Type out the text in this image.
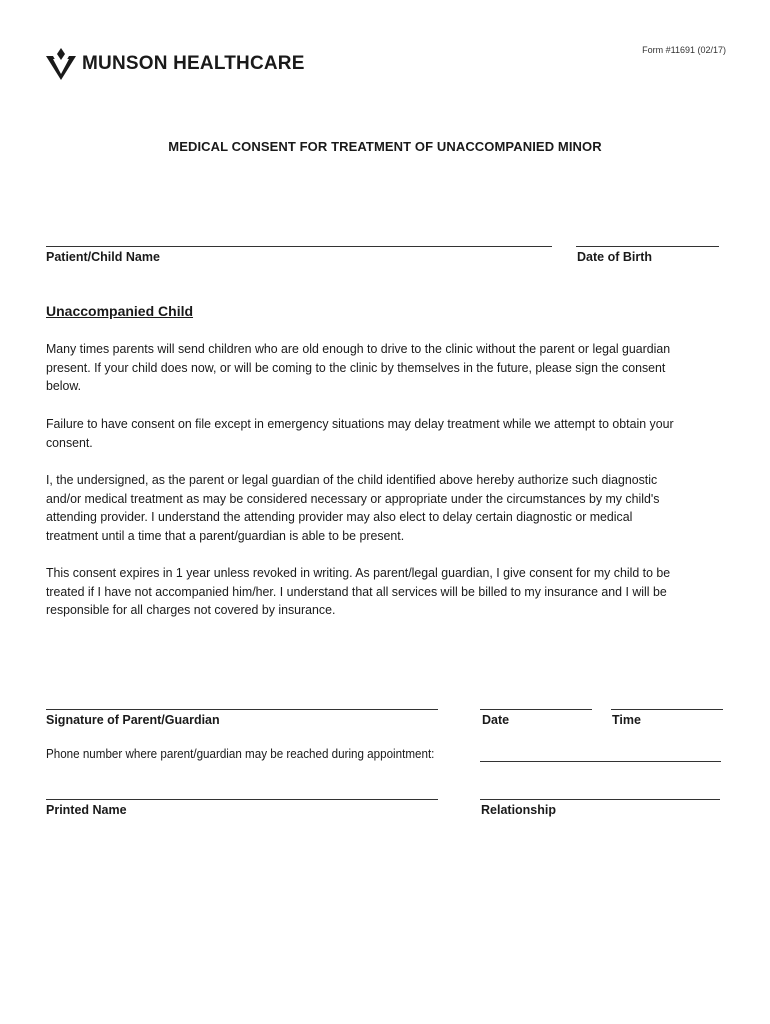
MUNSON HEALTHCARE
Form #11691 (02/17)
MEDICAL CONSENT FOR TREATMENT OF UNACCOMPANIED MINOR
Patient/Child Name	Date of Birth
Unaccompanied Child
Many times parents will send children who are old enough to drive to the clinic without the parent or legal guardian present. If your child does now, or will be coming to the clinic by themselves in the future, please sign the consent below.
Failure to have consent on file except in emergency situations may delay treatment while we attempt to obtain your consent.
I, the undersigned, as the parent or legal guardian of the child identified above hereby authorize such diagnostic and/or medical treatment as may be considered necessary or appropriate under the circumstances by my child's attending provider. I understand the attending provider may also elect to delay certain diagnostic or medical treatment until a time that a parent/guardian is able to be present.
This consent expires in 1 year unless revoked in writing. As parent/legal guardian, I give consent for my child to be treated if I have not accompanied him/her. I understand that all services will be billed to my insurance and I will be responsible for all charges not covered by insurance.
Signature of Parent/Guardian	Date	Time
Phone number where parent/guardian may be reached during appointment:
Printed Name	Relationship
